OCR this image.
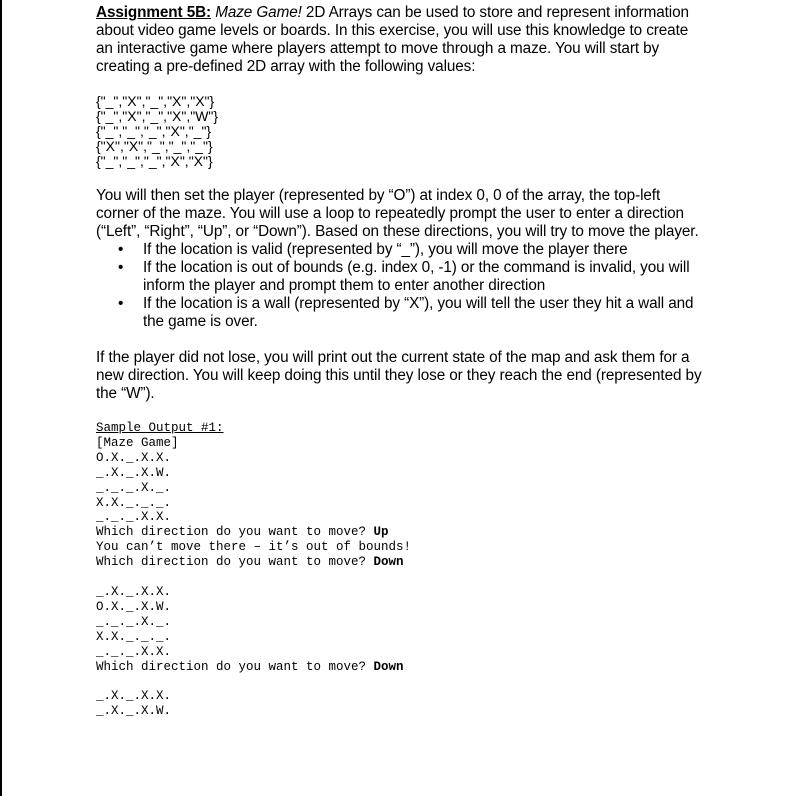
Assignment 5B: Maze Game! 2D Arrays can be used to store and represent information about video game levels or boards. In this exercise, you will use this knowledge to create an interactive game where players attempt to move through a maze. You will start by creating a pre-defined 2D array with the following values:

{"_","X","_","X","X"}
{"_","X","_","X","W"}
{"_","_","_","X","_"}
{"X","X","_","_","_"}
{"_","_","_","X","X"}

You will then set the player (represented by “O”) at index 0, 0 of the array, the top-left corner of the maze. You will use a loop to repeatedly prompt the user to enter a direction (“Left”, “Right”, “Up”, or “Down”). Based on these directions, you will try to move the player.

• If the location is valid (represented by “_”), you will move the player there
• If the location is out of bounds (e.g. index 0, -1) or the command is invalid, you will inform the player and prompt them to enter another direction
• If the location is a wall (represented by “X”), you will tell the user they hit a wall and the game is over.

If the player did not lose, you will print out the current state of the map and ask them for a new direction. You will keep doing this until they lose or they reach the end (represented by the “W”).

Sample Output #1:
[Maze Game]
O.X._.X.X.
_.X._.X.W.
_._._.X._.
X.X._._._.
_._._.X.X.
Which direction do you want to move? Up
You can’t move there – it’s out of bounds!
Which direction do you want to move? Down

_.X._.X.X.
O.X._.X.W.
_._._.X._.
X.X._._._.
_._._.X.X.
Which direction do you want to move? Down

_.X._.X.X.
_.X._.X.W.
